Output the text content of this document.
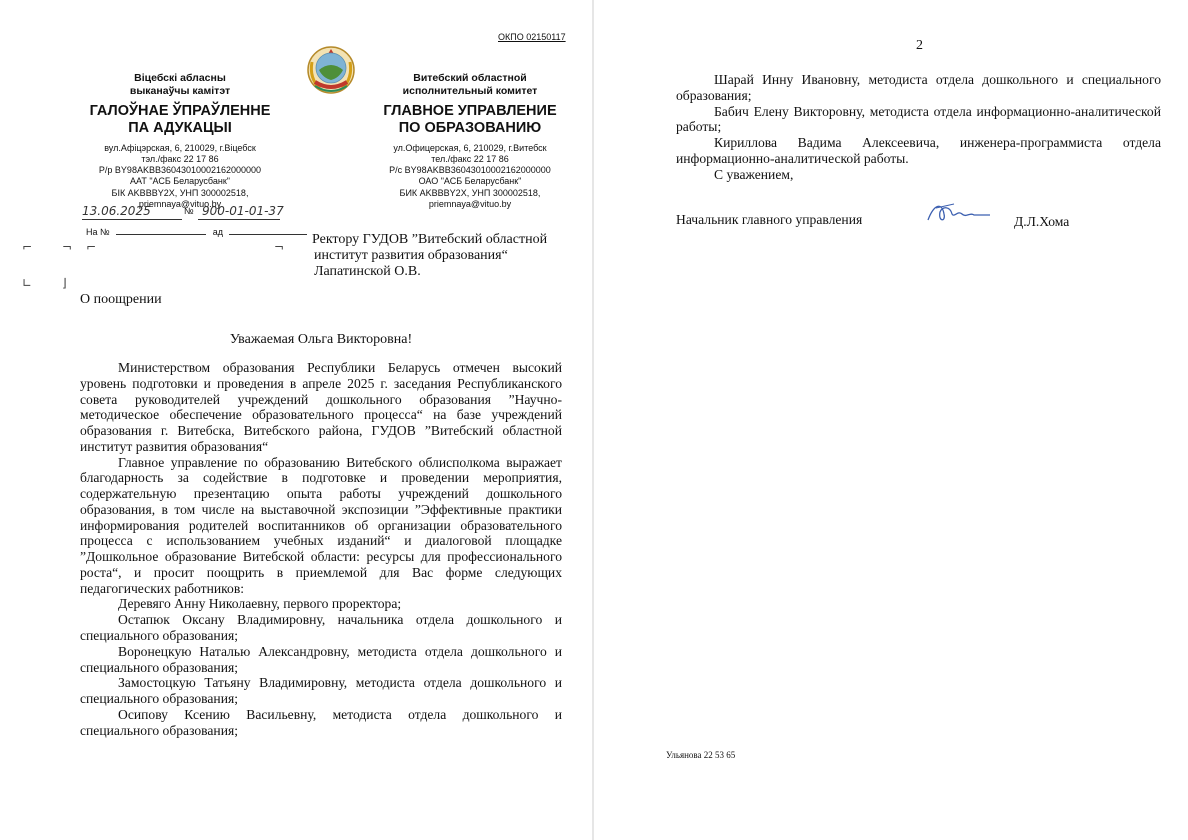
ОКПО 02150117
Віцебскі абласны
выканаўчы камітэт
ГАЛОЎНАЕ ЎПРАЎЛЕННЕ
ПА АДУКАЦЫІ
вул.Афіцэрская, 6, 210029, г.Віцебск
тэл./факс 22 17 86
Р/р BY98AKBB36043010002162000000
ААТ "АСБ Беларусбанк"
БІК AKBBBY2X, УНП 300002518,
priemnaya@vituo.by
Витебский областной
исполнительный комитет
ГЛАВНОЕ УПРАВЛЕНИЕ
ПО ОБРАЗОВАНИЮ
ул.Офицерская, 6, 210029, г.Витебск
тел./факс 22 17 86
Р/с BY98AKBB36043010002162000000
ОАО "АСБ Беларусбанк"
БИК AKBBBY2X, УНП 300002518,
priemnaya@vituo.by
13.06.2025	№ 900-01-01-37
На №	ад
⌐ ¬ ⌐	¬
∟ ⌋
Ректору ГУДОВ ”Витебский областной
институт развития образования“
Лапатинской О.В.
О поощрении
Уважаемая Ольга Викторовна!

Министерством образования Республики Беларусь отмечен высокий уровень подготовки и проведения в апреле 2025 г. заседания Республиканского совета руководителей учреждений дошкольного образования ”Научно-методическое обеспечение образовательного процесса“ на базе учреждений образования г. Витебска, Витебского района, ГУДОВ ”Витебский областной институт развития образования“

Главное управление по образованию Витебского облисполкома выражает благодарность за содействие в подготовке и проведении мероприятия, содержательную презентацию опыта работы учреждений дошкольного образования, в том числе на выставочной экспозиции ”Эффективные практики информирования родителей воспитанников об организации образовательного процесса с использованием учебных изданий“ и диалоговой площадке ”Дошкольное образование Витебской области: ресурсы для профессионального роста“, и просит поощрить в приемлемой для Вас форме следующих педагогических работников:

Деревяго Анну Николаевну, первого проректора;

Остапюк Оксану Владимировну, начальника отдела дошкольного и специального образования;

Воронецкую Наталью Александровну, методиста отдела дошкольного и специального образования;

Замостоцкую Татьяну Владимировну, методиста отдела дошкольного и специального образования;

Осипову Ксению Васильевну, методиста отдела дошкольного и специального образования;

2

Шарай Инну Ивановну, методиста отдела дошкольного и специального образования;

Бабич Елену Викторовну, методиста отдела информационно-аналитической работы;

Кириллова Вадима Алексеевича, инженера-программиста отдела информационно-аналитической работы.

С уважением,

Начальник главного управления	Д.Л.Хома
Ульянова 22 53 65
